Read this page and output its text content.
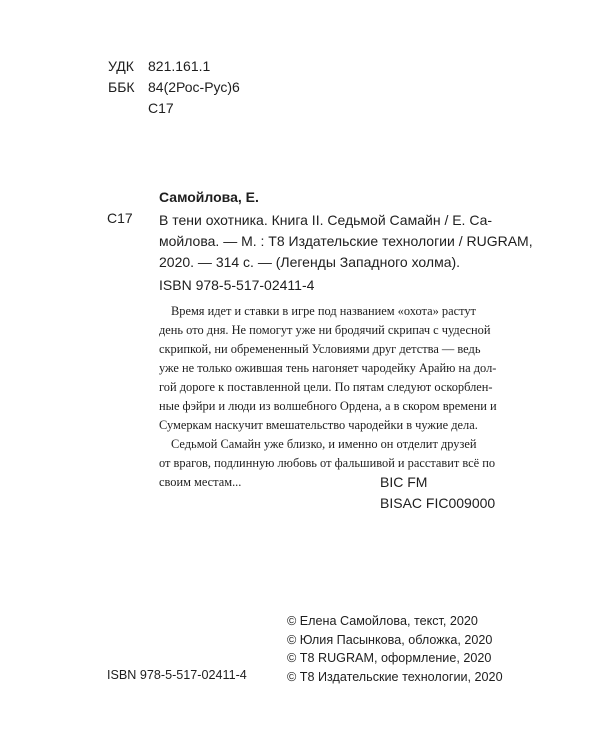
УДК	821.161.1
ББК 84(2Рос-Рус)6
С17
Самойлова, Е.
С17 В тени охотника. Книга II. Седьмой Самайн / Е. Са-
мойлова. — М. : Т8 Издательские технологии / RUGRAM,
2020. — 314 с. — (Легенды Западного холма).
ISBN 978-5-517-02411-4
Время идет и ставки в игре под названием «охота» растут
день ото дня. Не помогут уже ни бродячий скрипач с чудесной
скрипкой, ни обремененный Условиями друг детства — ведь
уже не только ожившая тень нагоняет чародейку Арайю на дол-
гой дороге к поставленной цели. По пятам следуют оскорблен-
ные фэйри и люди из волшебного Ордена, а в скором времени и
Сумеркам наскучит вмешательство чародейки в чужие дела.
Седьмой Самайн уже близко, и именно он отделит друзей
от врагов, подлинную любовь от фальшивой и расставит всё по
своим местам...	BIC FM
BISAC FIC009000
© Елена Самойлова, текст, 2020
© Юлия Пасынкова, обложка, 2020
© Т8 RUGRAM, оформление, 2020
© Т8 Издательские технологии, 2020
ISBN 978-5-517-02411-4
